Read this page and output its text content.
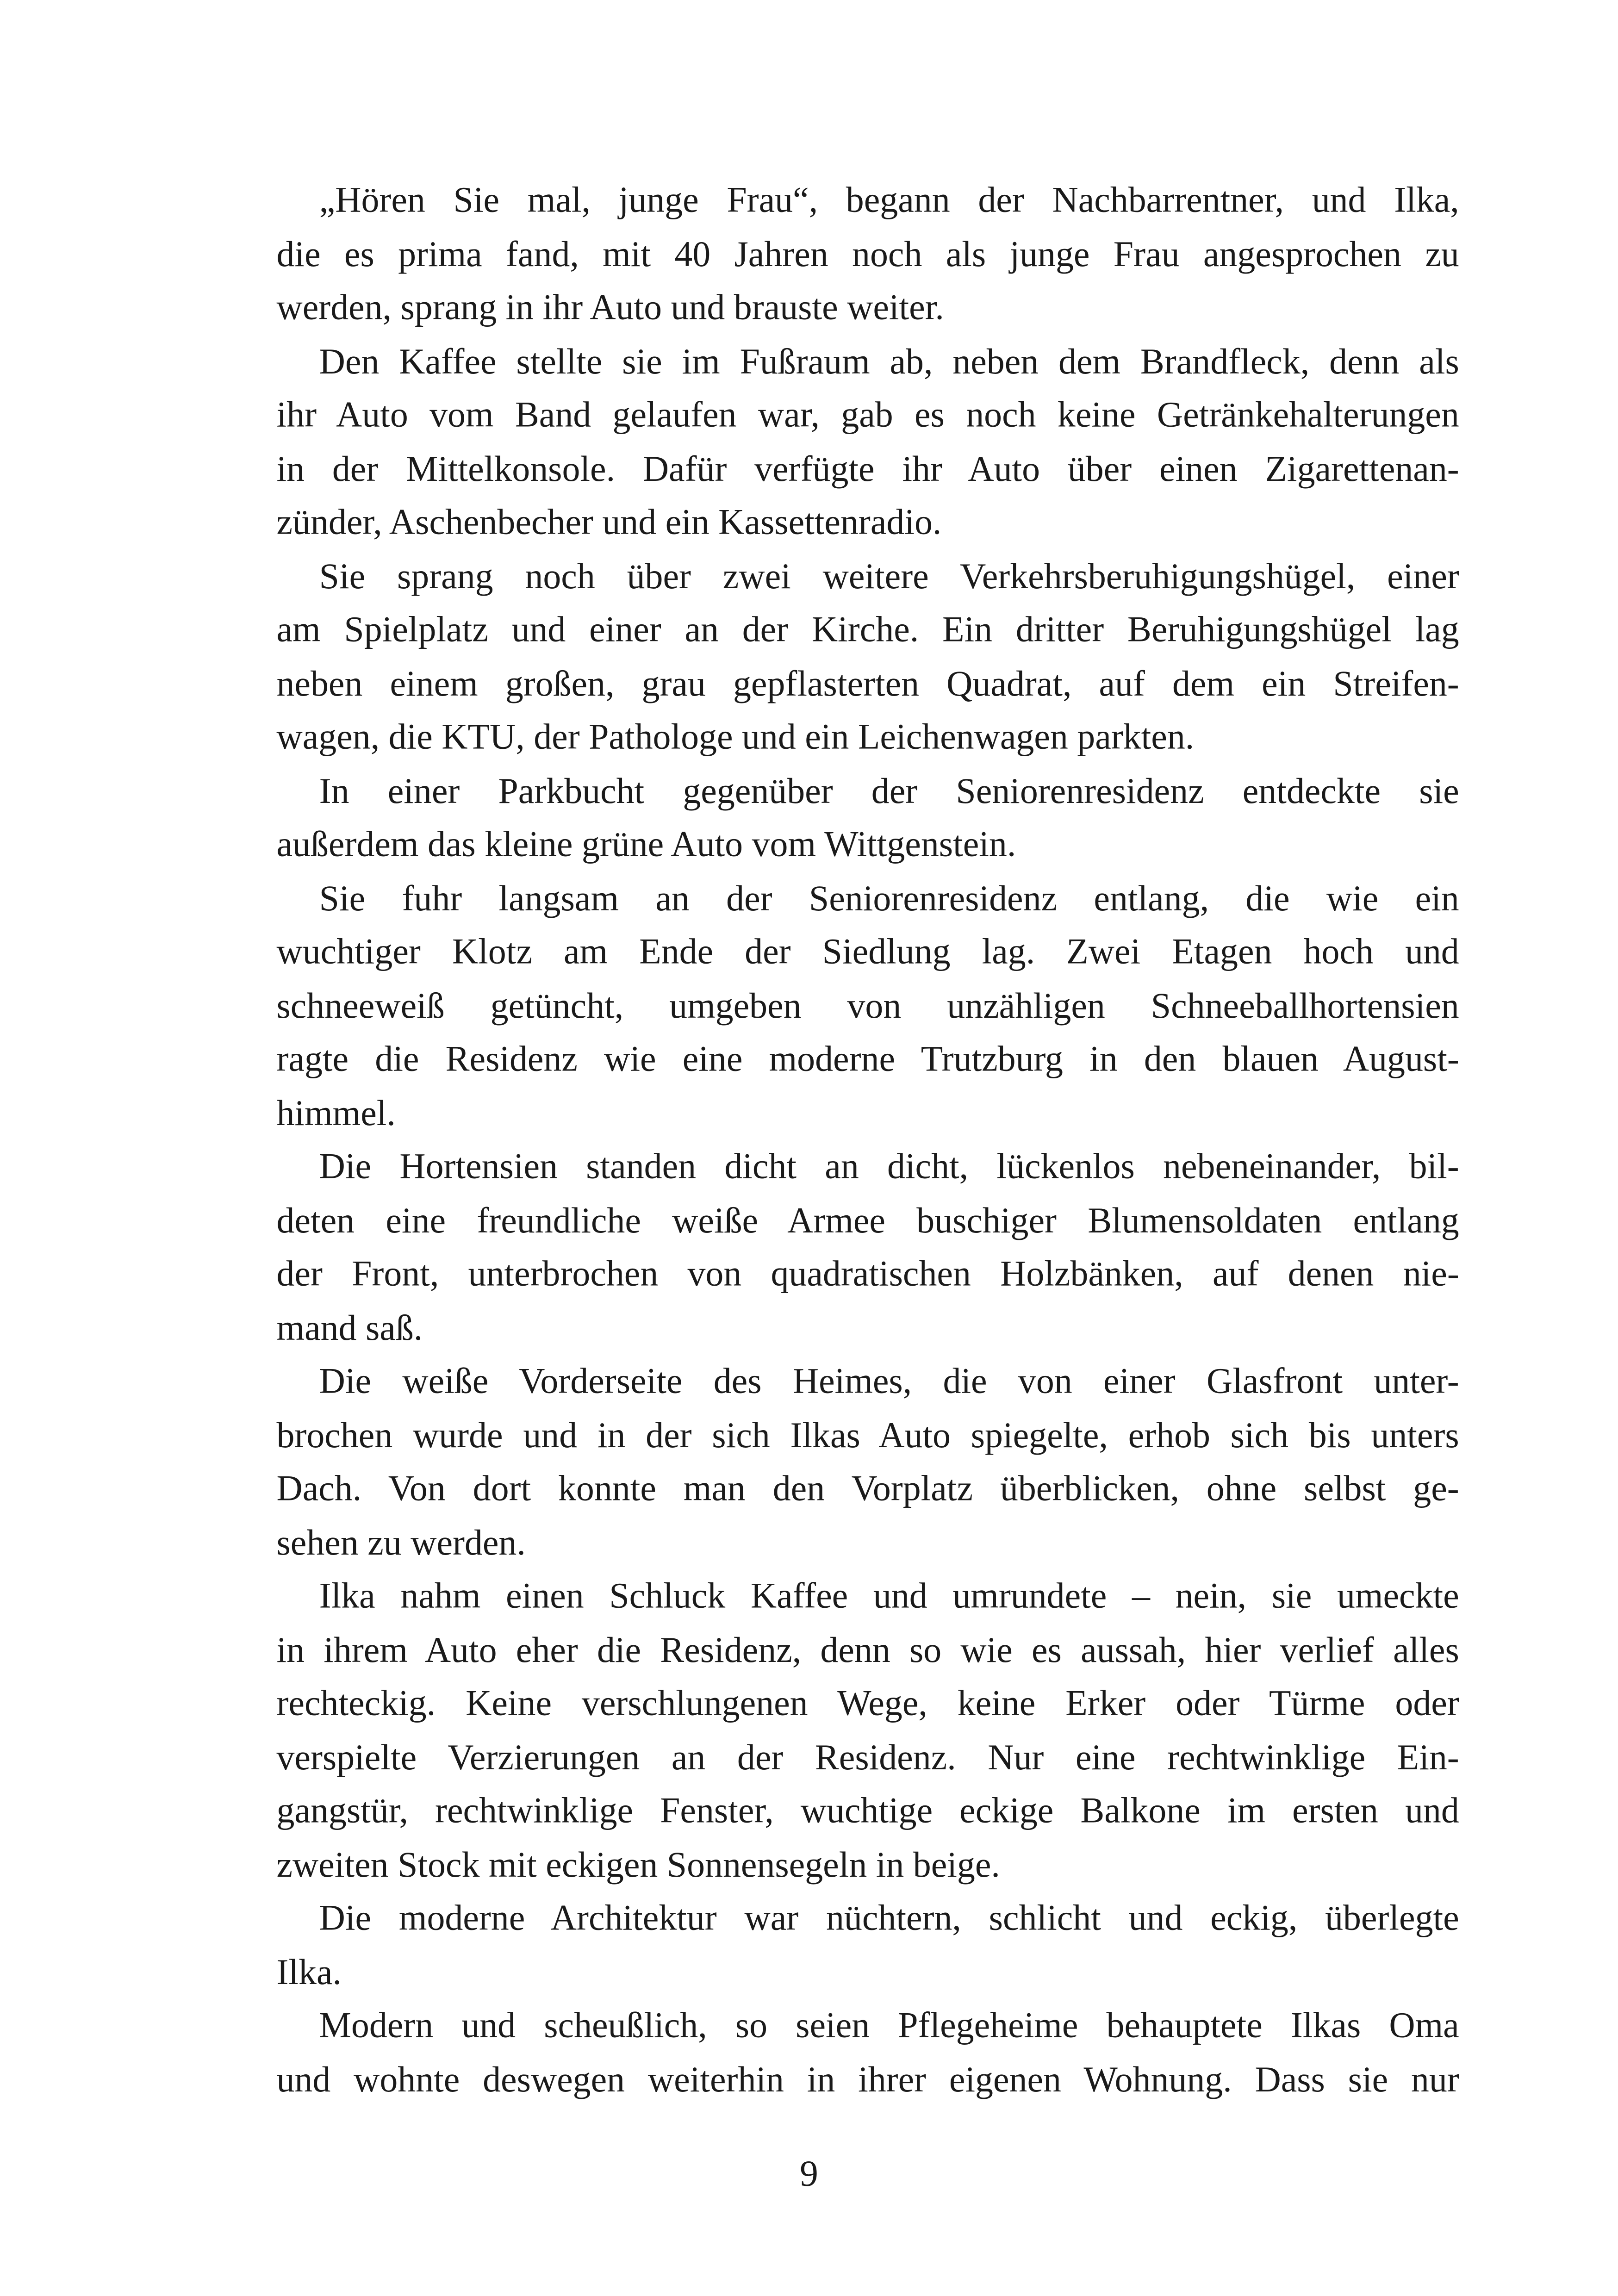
„Hören Sie mal, junge Frau“, begann der Nachbarrentner, und Ilka,
die es prima fand, mit 40 Jahren noch als junge Frau angesprochen zu
werden, sprang in ihr Auto und brauste weiter.
Den Kaffee stellte sie im Fußraum ab, neben dem Brandfleck, denn als
ihr Auto vom Band gelaufen war, gab es noch keine Getränkehalterungen
in der Mittelkonsole. Dafür verfügte ihr Auto über einen Zigarettenan-
zünder, Aschenbecher und ein Kassettenradio.
Sie sprang noch über zwei weitere Verkehrsberuhigungshügel, einer
am Spielplatz und einer an der Kirche. Ein dritter Beruhigungshügel lag
neben einem großen, grau gepflasterten Quadrat, auf dem ein Streifen-
wagen, die KTU, der Pathologe und ein Leichenwagen parkten.
In einer Parkbucht gegenüber der Seniorenresidenz entdeckte sie
außerdem das kleine grüne Auto vom Wittgenstein.
Sie fuhr langsam an der Seniorenresidenz entlang, die wie ein
wuchtiger Klotz am Ende der Siedlung lag. Zwei Etagen hoch und
schneeweiß getüncht, umgeben von unzähligen Schneeballhortensien
ragte die Residenz wie eine moderne Trutzburg in den blauen August-
himmel.
Die Hortensien standen dicht an dicht, lückenlos nebeneinander, bil-
deten eine freundliche weiße Armee buschiger Blumensoldaten entlang
der Front, unterbrochen von quadratischen Holzbänken, auf denen nie-
mand saß.
Die weiße Vorderseite des Heimes, die von einer Glasfront unter-
brochen wurde und in der sich Ilkas Auto spiegelte, erhob sich bis unters
Dach. Von dort konnte man den Vorplatz überblicken, ohne selbst ge-
sehen zu werden.
Ilka nahm einen Schluck Kaffee und umrundete – nein, sie umeckte
in ihrem Auto eher die Residenz, denn so wie es aussah, hier verlief alles
rechteckig. Keine verschlungenen Wege, keine Erker oder Türme oder
verspielte Verzierungen an der Residenz. Nur eine rechtwinklige Ein-
gangstür, rechtwinklige Fenster, wuchtige eckige Balkone im ersten und
zweiten Stock mit eckigen Sonnensegeln in beige.
Die moderne Architektur war nüchtern, schlicht und eckig, überlegte
Ilka.
Modern und scheußlich, so seien Pflegeheime behauptete Ilkas Oma
und wohnte deswegen weiterhin in ihrer eigenen Wohnung. Dass sie nur
9
